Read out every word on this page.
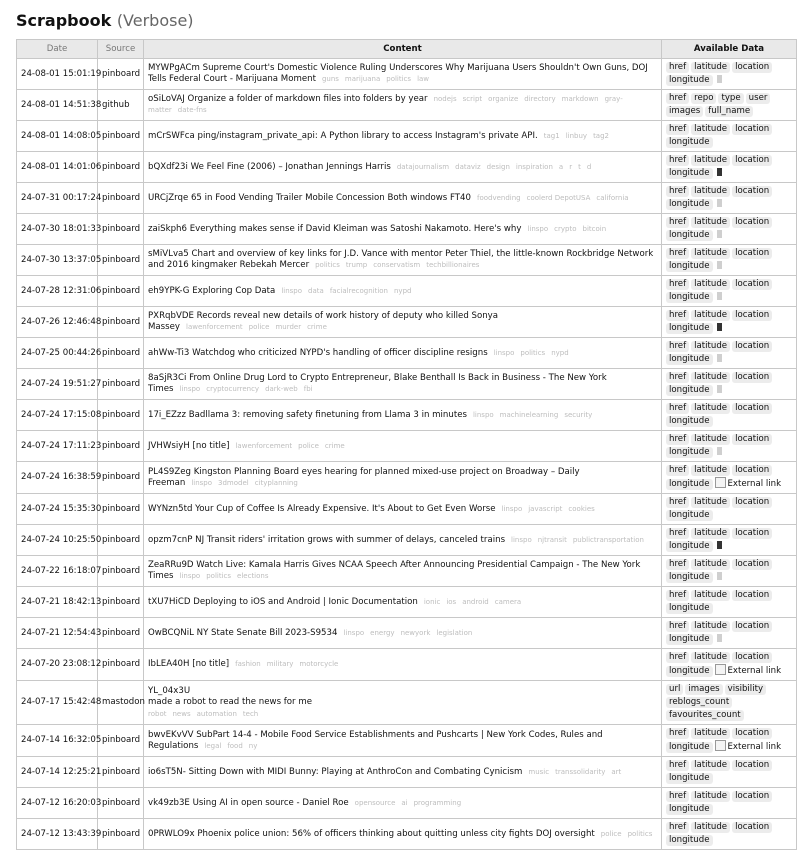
Scrapbook (Verbose)
Date	Source	Content	Available Data
24-08-01 15:01:19	pinboard	MYWPgACm Supreme Court's Domestic Violence Ruling Underscores Why Marijuana Users Shouldn't Own Guns, DOJ Tells Federal Court - Marijuana Moment guns marijuana politics law	href latitude locationlongitude
24-08-01 14:51:38	github	oSiLoVAJ Organize a folder of markdown files into folders by year nodejs script organize directory markdown gray-matter date-fns	href repo type userimages full_name
24-08-01 14:08:05	pinboard	mCrSWFca ping/instagram_private_api: A Python library to access Instagram's private API. tag1 linbuy tag2	href latitude locationlongitude
24-08-01 14:01:06	pinboard	bQXdf23i We Feel Fine (2006) – Jonathan Jennings Harris datajournalism dataviz design inspiration a r t d	href latitude locationlongitude
24-07-31 00:17:24	pinboard	URCjZrqe 65 in Food Vending Trailer Mobile Concession Both windows FT40 foodvending coolerd DepotUSA california	href latitude locationlongitude
24-07-30 18:01:33	pinboard	zaiSkph6 Everything makes sense if David Kleiman was Satoshi Nakamoto. Here's why linspo crypto bitcoin	href latitude locationlongitude
24-07-30 13:37:05	pinboard	sMiVLva5 Chart and overview of key links for J.D. Vance with mentor Peter Thiel, the little-known Rockbridge Network and 2016 kingmaker Rebekah Mercer politics trump conservatism techbillionaires	href latitude locationlongitude
24-07-28 12:31:06	pinboard	eh9YPK-G Exploring Cop Data linspo data facialrecognition nypd	href latitude locationlongitude
24-07-26 12:46:48	pinboard	PXRqbVDE Records reveal new details of work history of deputy who killed Sonya Massey lawenforcement police murder crime	href latitude locationlongitude
24-07-25 00:44:26	pinboard	ahWw-Ti3 Watchdog who criticized NYPD's handling of officer discipline resigns linspo politics nypd	href latitude locationlongitude
24-07-24 19:51:27	pinboard	8aSjR3Ci From Online Drug Lord to Crypto Entrepreneur, Blake Benthall Is Back in Business - The New York Times linspo cryptocurrency dark-web fbi	href latitude locationlongitude
24-07-24 17:15:08	pinboard	17i_EZzz Badllama 3: removing safety finetuning from Llama 3 in minutes linspo machinelearning security	href latitude locationlongitude
24-07-24 17:11:23	pinboard	JVHWsiyH [no title] lawenforcement police crime	href latitude locationlongitude
24-07-24 16:38:59	pinboard	PL4S9Zeg Kingston Planning Board eyes hearing for planned mixed-use project on Broadway – Daily Freeman linspo 3dmodel cityplanning	href latitude locationlongitude External link
24-07-24 15:35:30	pinboard	WYNzn5td Your Cup of Coffee Is Already Expensive. It's About to Get Even Worse linspo javascript cookies	href latitude locationlongitude
24-07-24 10:25:50	pinboard	opzm7cnP NJ Transit riders' irritation grows with summer of delays, canceled trains linspo njtransit publictransportation	href latitude locationlongitude
24-07-22 16:18:07	pinboard	ZeaRRu9D Watch Live: Kamala Harris Gives NCAA Speech After Announcing Presidential Campaign - The New York Times linspo politics elections	href latitude locationlongitude
24-07-21 18:42:13	pinboard	tXU7HiCD Deploying to iOS and Android | Ionic Documentation ionic ios android camera	href latitude locationlongitude
24-07-21 12:54:43	pinboard	OwBCQNiL NY State Senate Bill 2023-S9534 linspo energy newyork legislation	href latitude locationlongitude
24-07-20 23:08:12	pinboard	IbLEA40H [no title] fashion military motorcycle	href latitude locationlongitude External link
24-07-17 15:42:48	mastodon	YL_04x3U
made a robot to read the news for me
robot news automation tech	url images visibilityreblogs_countfavourites_count
24-07-14 16:32:05	pinboard	bwvEKvVV SubPart 14-4 - Mobile Food Service Establishments and Pushcarts | New York Codes, Rules and Regulations legal food ny	href latitude locationlongitude External link
24-07-14 12:25:21	pinboard	io6sT5N- Sitting Down with MIDI Bunny: Playing at AnthroCon and Combating Cynicism music transsolidarity art	href latitude locationlongitude
24-07-12 16:20:03	pinboard	vk49zb3E Using AI in open source - Daniel Roe opensource ai programming	href latitude locationlongitude
24-07-12 13:43:39	pinboard	0PRWLO9x Phoenix police union: 56% of officers thinking about quitting unless city fights DOJ oversight police politics	href latitude locationlongitude
